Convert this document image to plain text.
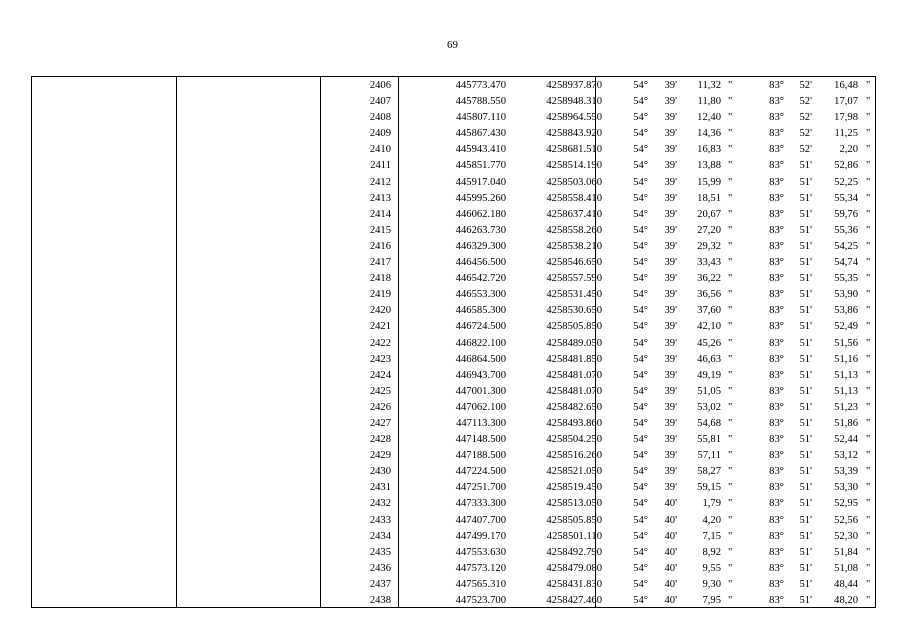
69
2406	445773.470	4258937.870	54°	39'	11,32 "	83°	52'	16,48 "
2407	445788.550	4258948.310	54°	39'	11,80 "	83°	52'	17,07 "
2408	445807.110	4258964.550	54°	39'	12,40 "	83°	52'	17,98 "
2409	445867.430	4258843.920	54°	39'	14,36 "	83°	52'	11,25 "
2410	445943.410	4258681.510	54°	39'	16,83 "	83°	52'	2,20 "
2411	445851.770	4258514.190	54°	39'	13,88 "	83°	51'	52,86 "
2412	445917.040	4258503.060	54°	39'	15,99 "	83°	51'	52,25 "
2413	445995.260	4258558.410	54°	39'	18,51 "	83°	51'	55,34 "
2414	446062.180	4258637.410	54°	39'	20,67 "	83°	51'	59,76 "
2415	446263.730	4258558.260	54°	39'	27,20 "	83°	51'	55,36 "
2416	446329.300	4258538.210	54°	39'	29,32 "	83°	51'	54,25 "
2417	446456.500	4258546.650	54°	39'	33,43 "	83°	51'	54,74 "
2418	446542.720	4258557.590	54°	39'	36,22 "	83°	51'	55,35 "
2419	446553.300	4258531.450	54°	39'	36,56 "	83°	51'	53,90 "
2420	446585.300	4258530.650	54°	39'	37,60 "	83°	51'	53,86 "
2421	446724.500	4258505.850	54°	39'	42,10 "	83°	51'	52,49 "
2422	446822.100	4258489.050	54°	39'	45,26 "	83°	51'	51,56 "
2423	446864.500	4258481.850	54°	39'	46,63 "	83°	51'	51,16 "
2424	446943.700	4258481.070	54°	39'	49,19 "	83°	51'	51,13 "
2425	447001.300	4258481.070	54°	39'	51,05 "	83°	51'	51,13 "
2426	447062.100	4258482.650	54°	39'	53,02 "	83°	51'	51,23 "
2427	447113.300	4258493.860	54°	39'	54,68 "	83°	51'	51,86 "
2428	447148.500	4258504.250	54°	39'	55,81 "	83°	51'	52,44 "
2429	447188.500	4258516.260	54°	39'	57,11 "	83°	51'	53,12 "
2430	447224.500	4258521.050	54°	39'	58,27 "	83°	51'	53,39 "
2431	447251.700	4258519.450	54°	39'	59,15 "	83°	51'	53,30 "
2432	447333.300	4258513.050	54°	40'	1,79 "	83°	51'	52,95 "
2433	447407.700	4258505.850	54°	40'	4,20 "	83°	51'	52,56 "
2434	447499.170	4258501.110	54°	40'	7,15 "	83°	51'	52,30 "
2435	447553.630	4258492.790	54°	40'	8,92 "	83°	51'	51,84 "
2436	447573.120	4258479.080	54°	40'	9,55 "	83°	51'	51,08 "
2437	447565.310	4258431.830	54°	40'	9,30 "	83°	51'	48,44 "
2438	447523.700	4258427.460	54°	40'	7,95 "	83°	51'	48,20 "
